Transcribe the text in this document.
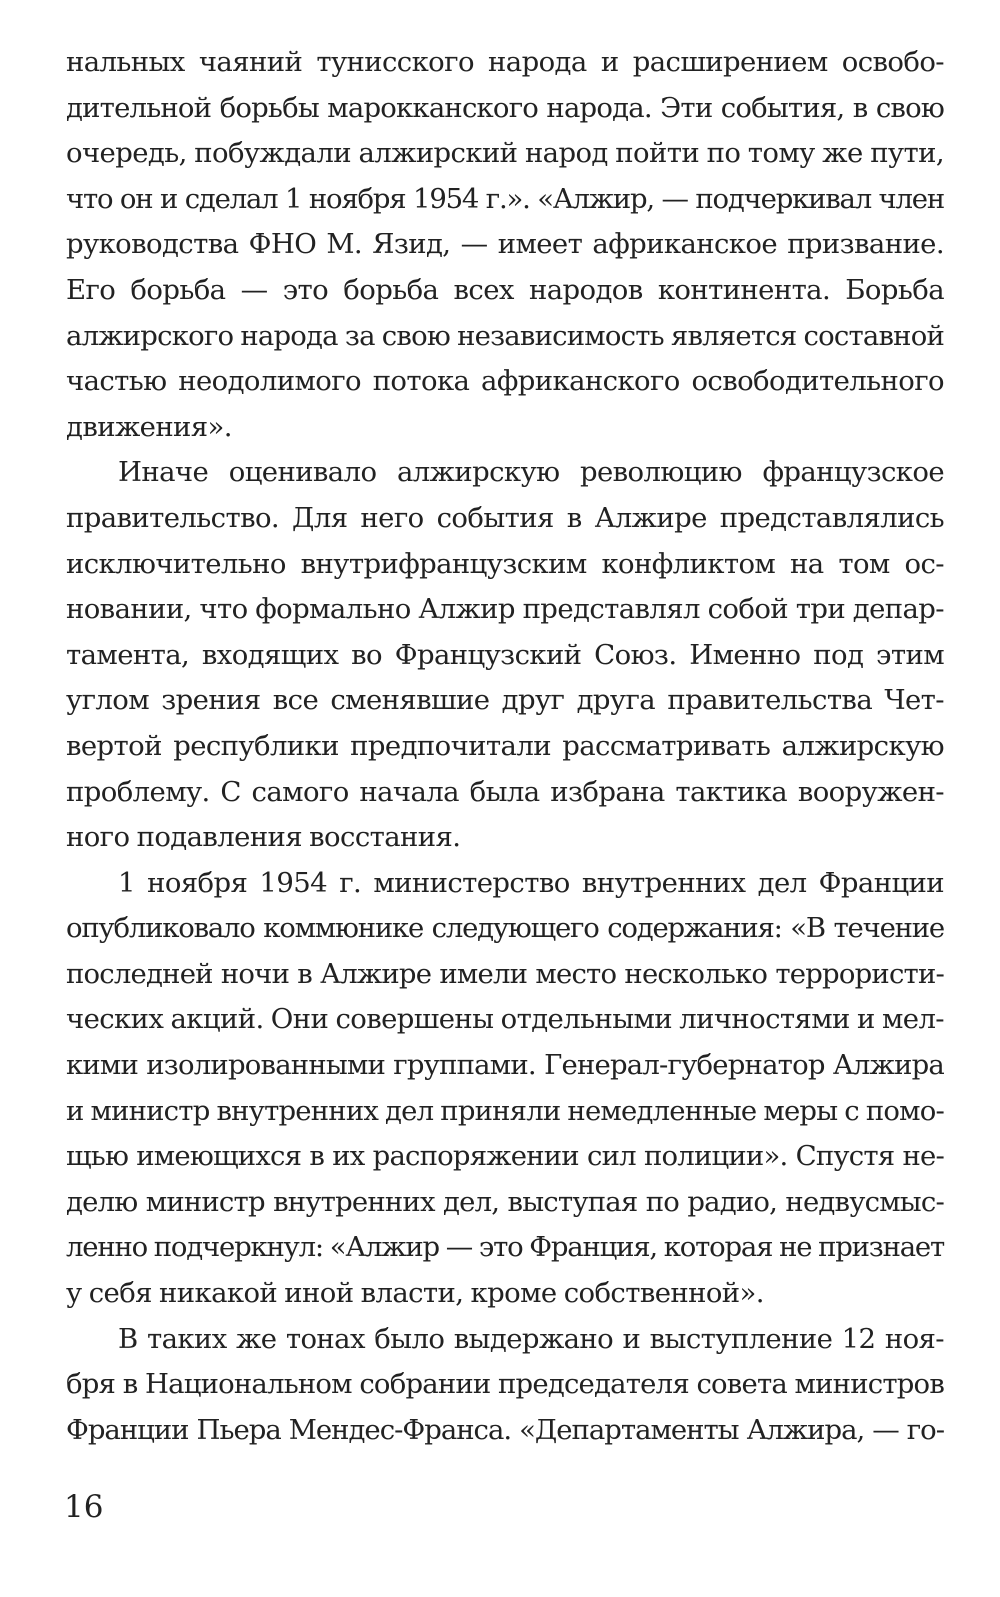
нальных чаяний тунисского народа и расширением освобо-
дительной борьбы марокканского народа. Эти события, в свою
очередь, побуждали алжирский народ пойти по тому же пути,
что он и сделал 1 ноября 1954 г.». «Алжир, — подчеркивал член
руководства ФНО М. Язид, — имеет африканское призвание.
Его борьба — это борьба всех народов континента. Борьба
алжирского народа за свою независимость является составной
частью неодолимого потока африканского освободительного
движения».
Иначе оценивало алжирскую революцию французское
правительство. Для него события в Алжире представлялись
исключительно внутрифранцузским конфликтом на том ос-
новании, что формально Алжир представлял собой три депар-
тамента, входящих во Французский Союз. Именно под этим
углом зрения все сменявшие друг друга правительства Чет-
вертой республики предпочитали рассматривать алжирскую
проблему. С самого начала была избрана тактика вооружен-
ного подавления восстания.
1 ноября 1954 г. министерство внутренних дел Франции
опубликовало коммюнике следующего содержания: «В течение
последней ночи в Алжире имели место несколько террористи-
ческих акций. Они совершены отдельными личностями и мел-
кими изолированными группами. Генерал-губернатор Алжира
и министр внутренних дел приняли немедленные меры с помо-
щью имеющихся в их распоряжении сил полиции». Спустя не-
делю министр внутренних дел, выступая по радио, недвусмыс-
ленно подчеркнул: «Алжир — это Франция, которая не признает
у себя никакой иной власти, кроме собственной».
В таких же тонах было выдержано и выступление 12 ноя-
бря в Национальном собрании председателя совета министров
Франции Пьера Мендес-Франса. «Департаменты Алжира, — го-
16
